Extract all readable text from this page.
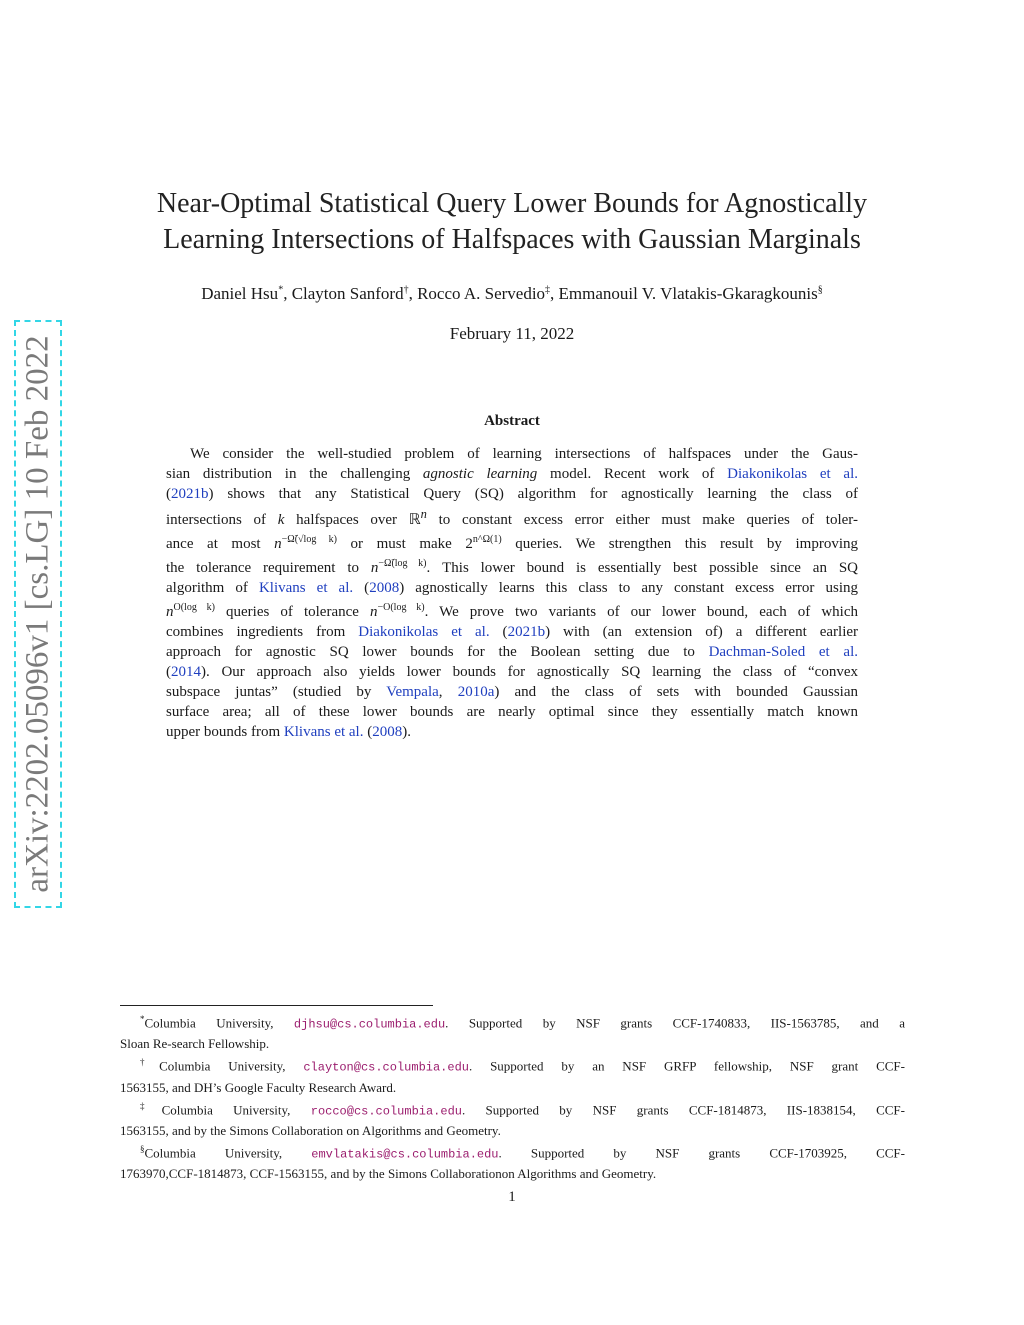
arXiv:2202.05096v1 [cs.LG] 10 Feb 2022
Near-Optimal Statistical Query Lower Bounds for Agnostically
Learning Intersections of Halfspaces with Gaussian Marginals
Daniel Hsu*, Clayton Sanford†, Rocco A. Servedio‡, Emmanouil V. Vlatakis-Gkaragkounis§
February 11, 2022
Abstract
We consider the well-studied problem of learning intersections of halfspaces under the Gaus-
sian distribution in the challenging agnostic learning model. Recent work of Diakonikolas et al.
(2021b) shows that any Statistical Query (SQ) algorithm for agnostically learning the class of
intersections of k halfspaces over ℝ$^n$ to constant excess error either must make queries of toler-
ance at most $n^{-\Omegã(√log k)}$ or must make $2^{n\^{}\Omega(1)}$ queries. We strengthen this result by improving
the tolerance requirement to $n^{-\Omegã(log k)}$. This lower bound is essentially best possible since an SQ
algorithm of Klivans et al. (2008) agnostically learns this class to any constant excess error using
$n^{O(log k)}$ queries of tolerance $n^{-O(log k)}$. We prove two variants of our lower bound, each of which
combines ingredients from Diakonikolas et al. (2021b) with (an extension of) a different earlier
approach for agnostic SQ lower bounds for the Boolean setting due to Dachman-Soled et al.
(2014). Our approach also yields lower bounds for agnostically SQ learning the class of “convex
subspace juntas” (studied by Vempala, 2010a) and the class of sets with bounded Gaussian
surface area; all of these lower bounds are nearly optimal since they essentially match known
upper bounds from Klivans et al. (2008).
*Columbia University, djhsu@cs.columbia.edu. Supported by NSF grants CCF-1740833, IIS-1563785, and a
Sloan Re-search Fellowship.
†Columbia University, clayton@cs.columbia.edu. Supported by an NSF GRFP fellowship, NSF grant CCF-
1563155, and DH’s Google Faculty Research Award.
‡Columbia University, rocco@cs.columbia.edu. Supported by NSF grants CCF-1814873, IIS-1838154, CCF-
1563155, and by the Simons Collaboration on Algorithms and Geometry.
§Columbia University, emvlatakis@cs.columbia.edu. Supported by NSF grants CCF-1703925, CCF-
1763970,CCF-1814873, CCF-1563155, and by the Simons Collaborationon Algorithms and Geometry.
1
